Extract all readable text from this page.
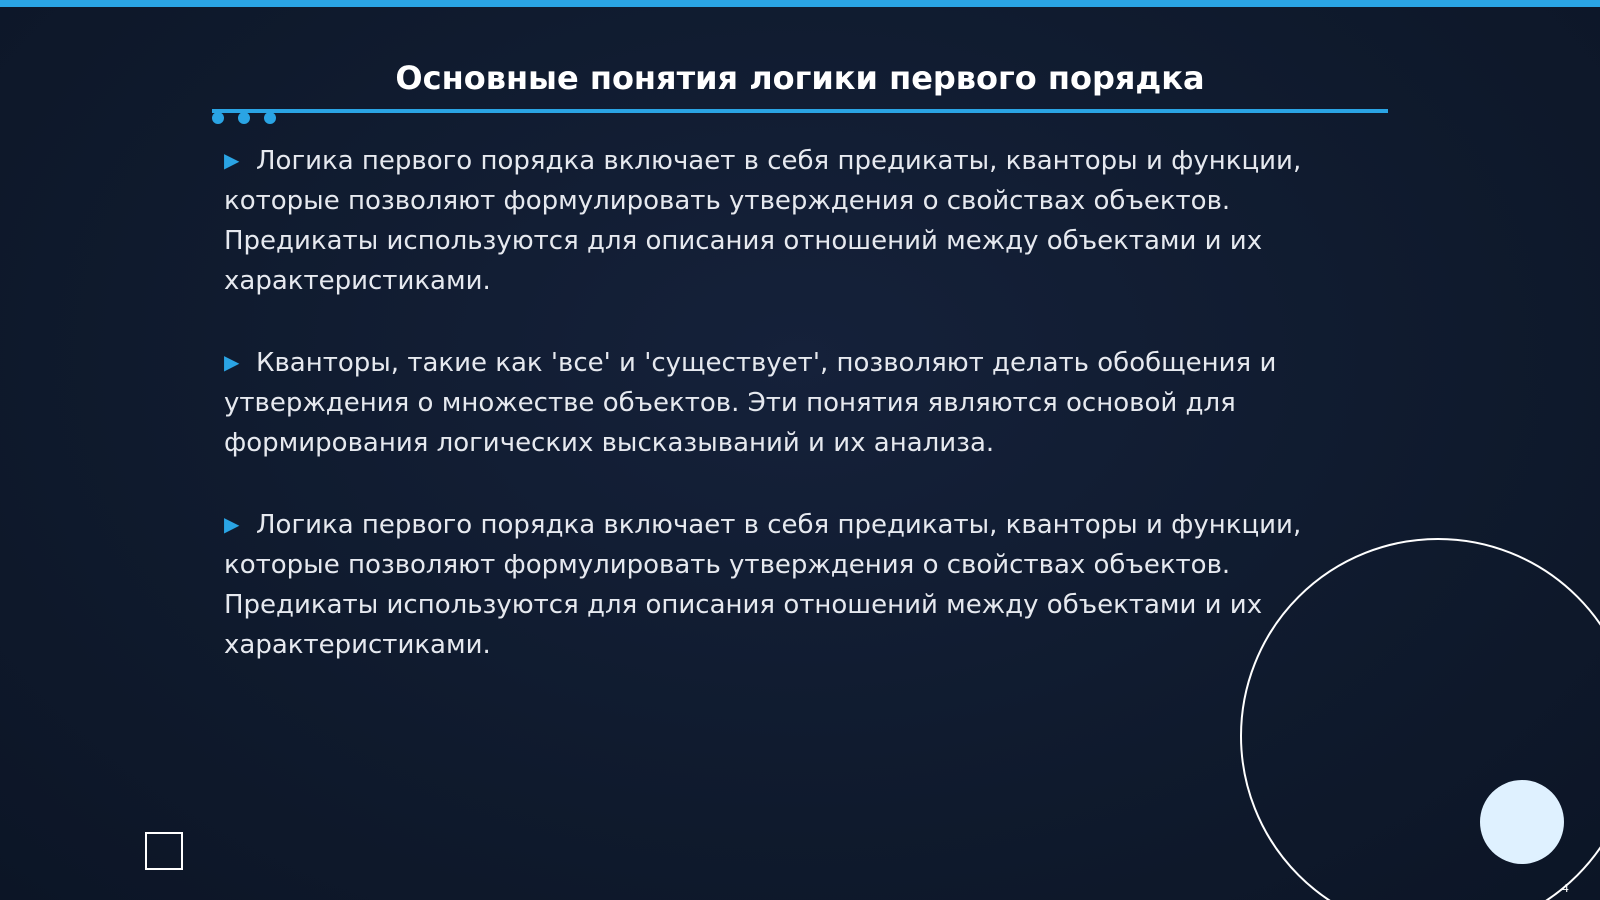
Основные понятия логики первого порядка
▶ Логика первого порядка включает в себя предикаты, кванторы и функции, которые позволяют формулировать утверждения о свойствах объектов. Предикаты используются для описания отношений между объектами и их характеристиками.
▶ Кванторы, такие как 'все' и 'существует', позволяют делать обобщения и утверждения о множестве объектов. Эти понятия являются основой для формирования логических высказываний и их анализа.
▶ Логика первого порядка включает в себя предикаты, кванторы и функции, которые позволяют формулировать утверждения о свойствах объектов. Предикаты используются для описания отношений между объектами и их характеристиками.
4
